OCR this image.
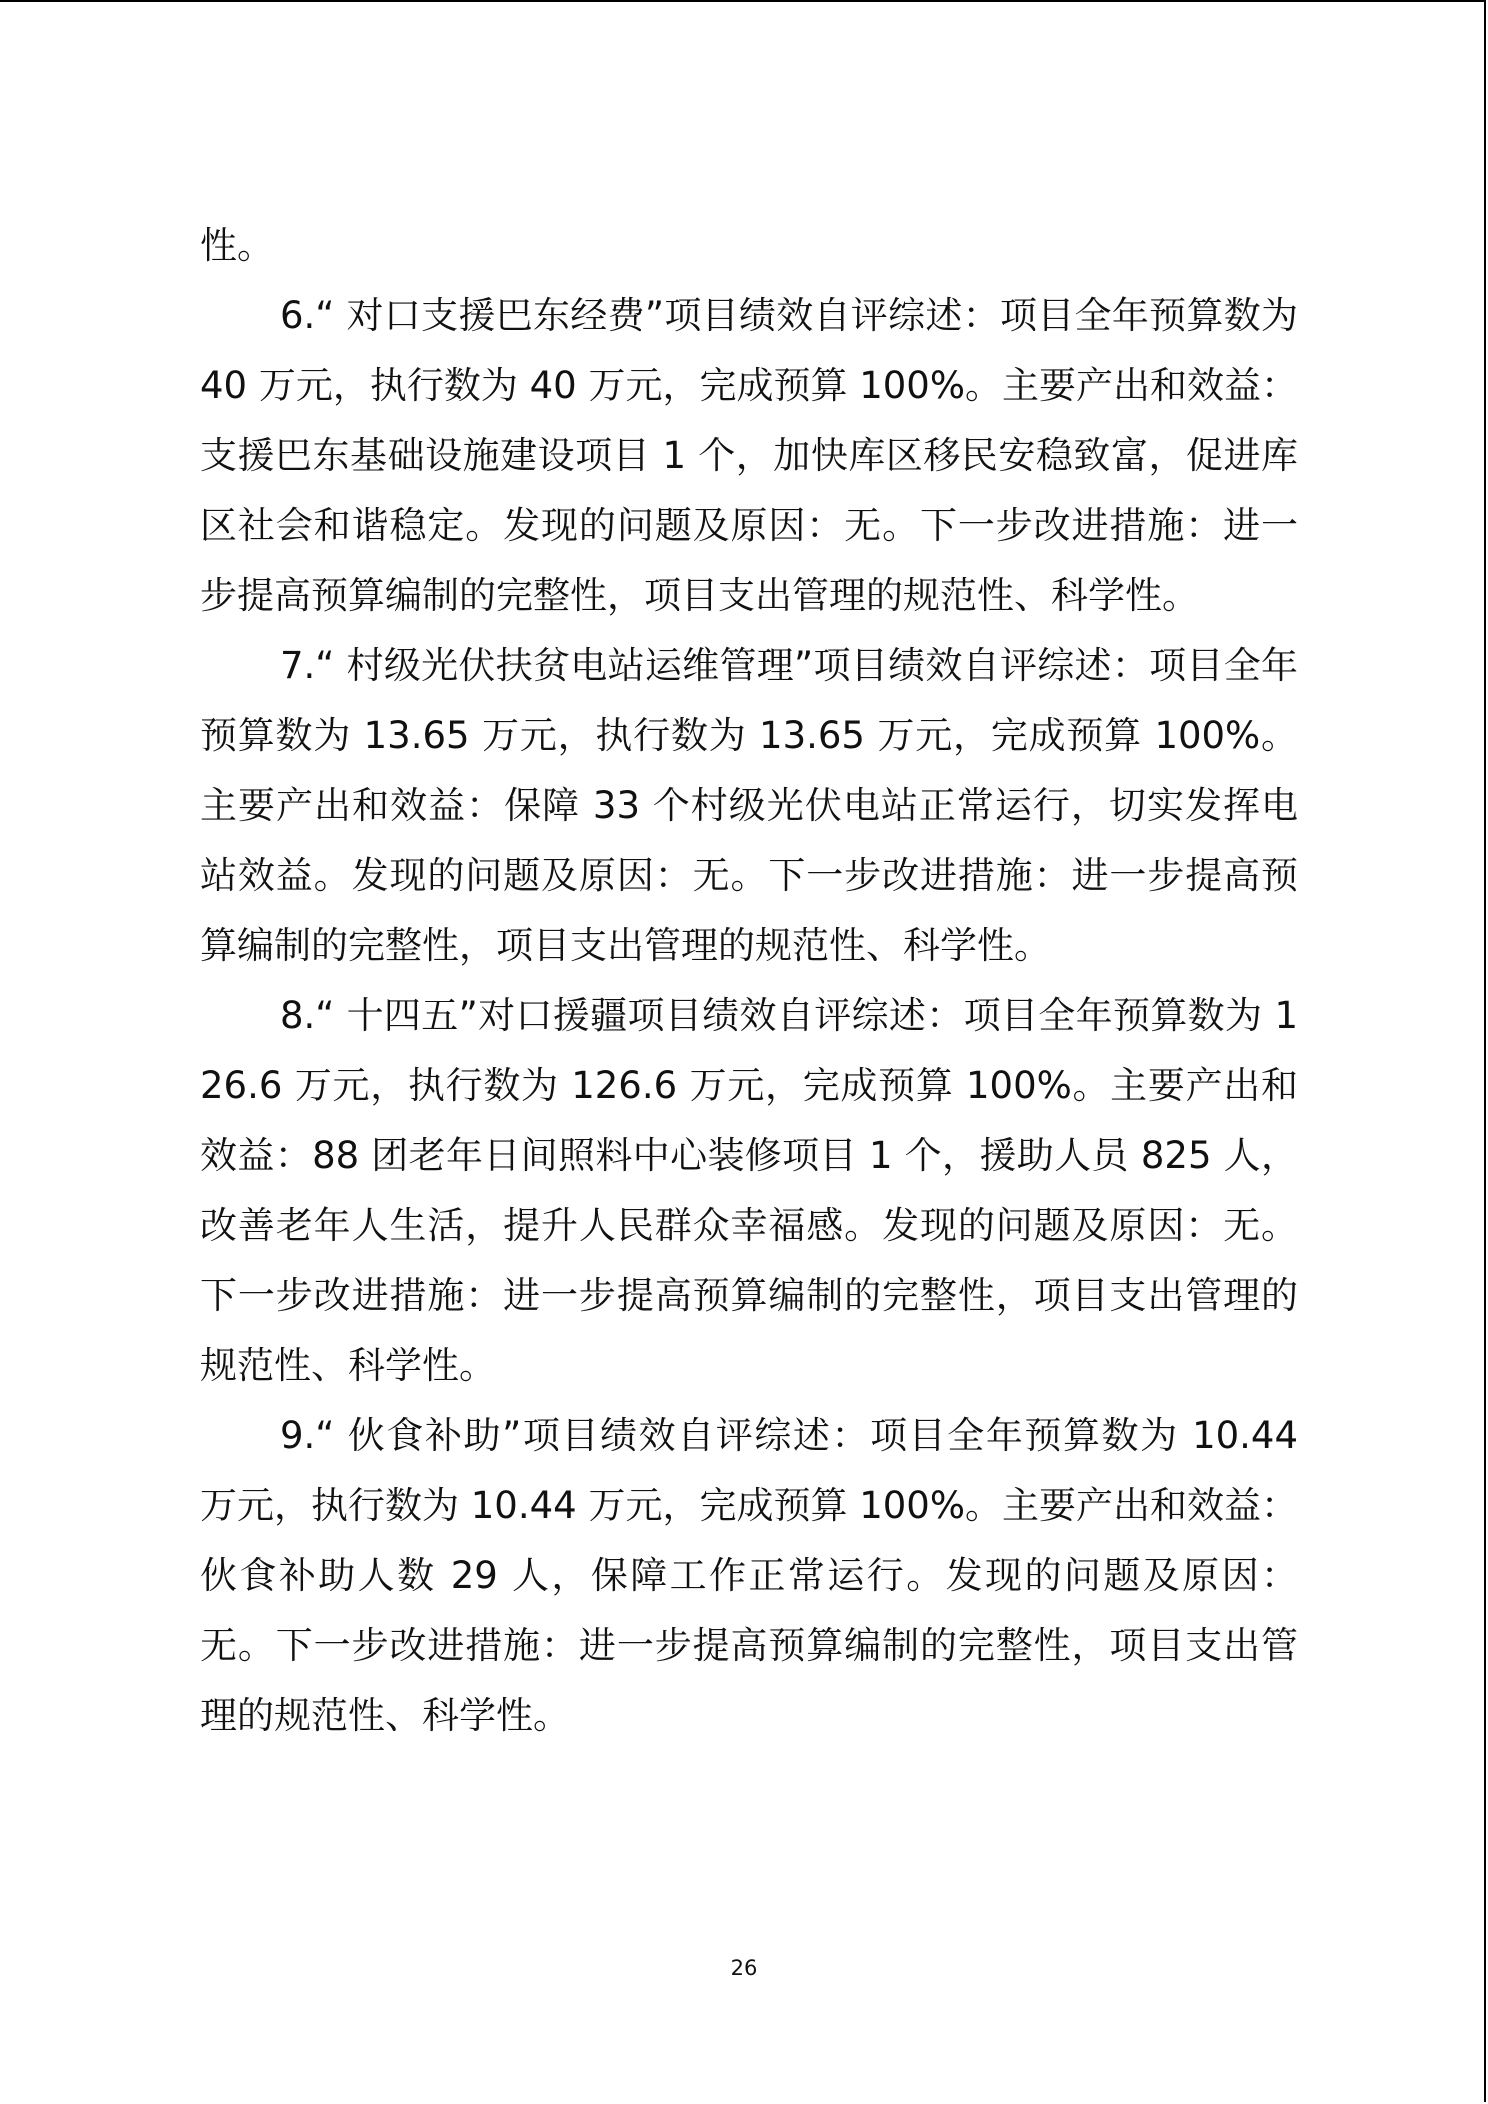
性。

6.“ 对口支援巴东经费”项目绩效自评综述：项目全年预算数为 40 万元，执行数为 40 万元，完成预算 100%。主要产出和效益：支援巴东基础设施建设项目 1 个，加快库区移民安稳致富，促进库区社会和谐稳定。发现的问题及原因：无。下一步改进措施：进一步提高预算编制的完整性，项目支出管理的规范性、科学性。

7.“ 村级光伏扶贫电站运维管理”项目绩效自评综述：项目全年预算数为 13.65 万元，执行数为 13.65 万元，完成预算 100%。主要产出和效益：保障 33 个村级光伏电站正常运行，切实发挥电站效益。发现的问题及原因：无。下一步改进措施：进一步提高预算编制的完整性，项目支出管理的规范性、科学性。

8.“ 十四五”对口援疆项目绩效自评综述：项目全年预算数为 126.6 万元，执行数为 126.6 万元，完成预算 100%。主要产出和效益：88 团老年日间照料中心装修项目 1 个，援助人员 825 人，改善老年人生活，提升人民群众幸福感。发现的问题及原因：无。下一步改进措施：进一步提高预算编制的完整性，项目支出管理的规范性、科学性。

9.“ 伙食补助”项目绩效自评综述：项目全年预算数为 10.44 万元，执行数为 10.44 万元，完成预算 100%。主要产出和效益：伙食补助人数 29 人，保障工作正常运行。发现的问题及原因：无。下一步改进措施：进一步提高预算编制的完整性，项目支出管理的规范性、科学性。

26
